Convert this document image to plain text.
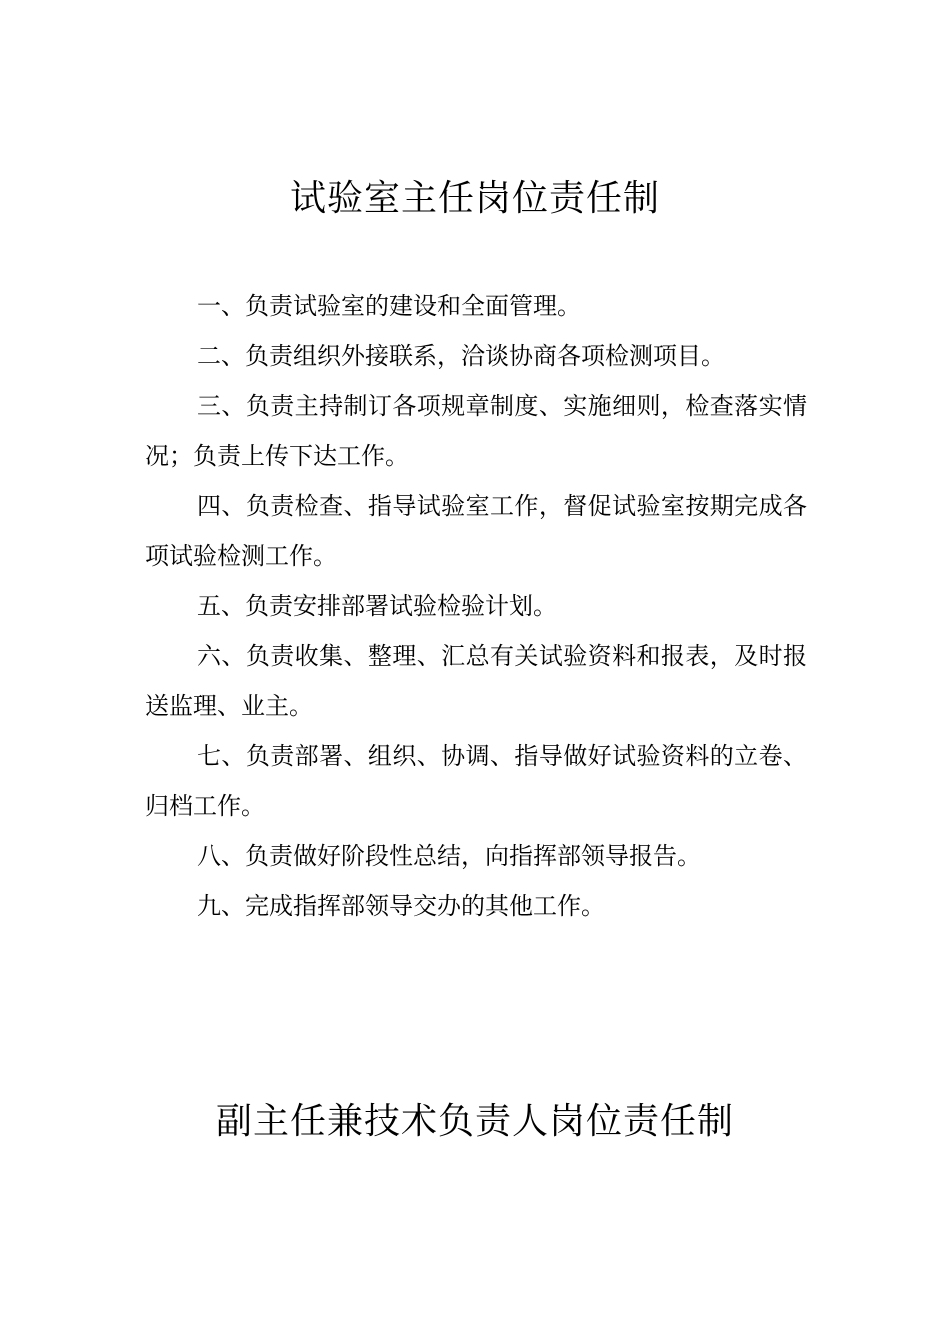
试验室主任岗位责任制
一、负责试验室的建设和全面管理。
二、负责组织外接联系，洽谈协商各项检测项目。
三、负责主持制订各项规章制度、实施细则，检查落实情况；负责上传下达工作。
四、负责检查、指导试验室工作，督促试验室按期完成各项试验检测工作。
五、负责安排部署试验检验计划。
六、负责收集、整理、汇总有关试验资料和报表，及时报送监理、业主。
七、负责部署、组织、协调、指导做好试验资料的立卷、归档工作。
八、负责做好阶段性总结，向指挥部领导报告。
九、完成指挥部领导交办的其他工作。
副主任兼技术负责人岗位责任制
